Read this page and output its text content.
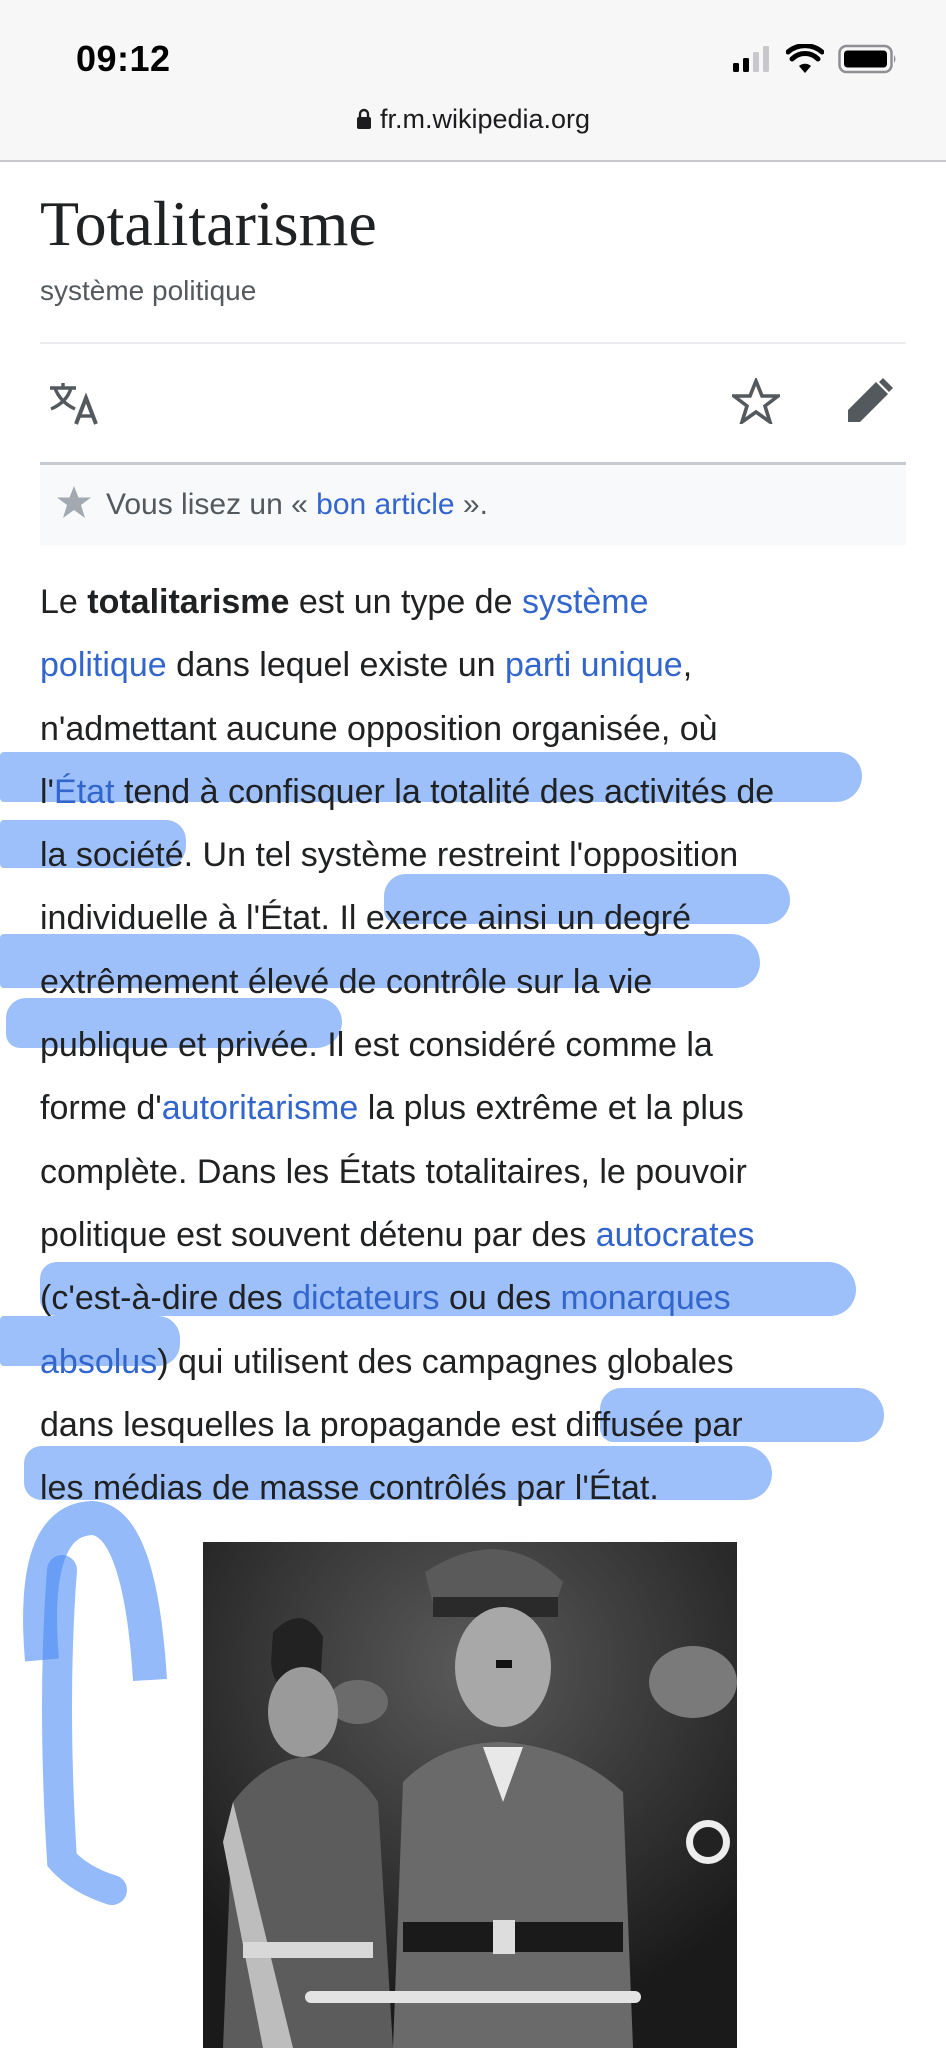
09:12
fr.m.wikipedia.org
Totalitarisme
système politique
Vous lisez un « bon article ».
Le totalitarisme est un type de système
politique dans lequel existe un parti unique,
n'admettant aucune opposition organisée, où
l'État tend à confisquer la totalité des activités de
la société. Un tel système restreint l'opposition
individuelle à l'État. Il exerce ainsi un degré
extrêmement élevé de contrôle sur la vie
publique et privée. Il est considéré comme la
forme d'autoritarisme la plus extrême et la plus
complète. Dans les États totalitaires, le pouvoir
politique est souvent détenu par des autocrates
(c'est-à-dire des dictateurs ou des monarques
absolus) qui utilisent des campagnes globales
dans lesquelles la propagande est diffusée par
les médias de masse contrôlés par l'État.
